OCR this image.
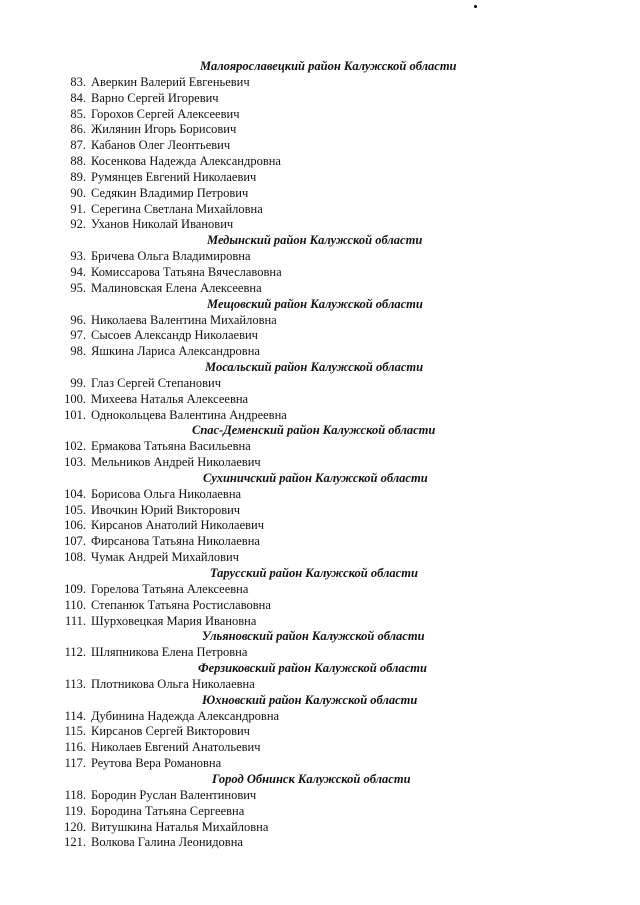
Малоярославецкий район Калужской области
83. Аверкин Валерий Евгеньевич
84. Варно Сергей Игоревич
85. Горохов Сергей Алексеевич
86. Жилянин Игорь Борисович
87. Кабанов Олег Леонтьевич
88. Косенкова Надежда Александровна
89. Румянцев Евгений Николаевич
90. Седякин Владимир Петрович
91. Серегина Светлана Михайловна
92. Уханов Николай Иванович
Медынский район Калужской области
93. Бричева Ольга Владимировна
94. Комиссарова Татьяна Вячеславовна
95. Малиновская Елена Алексеевна
Мещовский район Калужской области
96. Николаева Валентина Михайловна
97. Сысоев Александр Николаевич
98. Яшкина Лариса Александровна
Мосальский район Калужской области
99. Глаз Сергей Степанович
100. Михеева Наталья Алексеевна
101. Однокольцева Валентина Андреевна
Спас-Деменский район Калужской области
102. Ермакова Татьяна Васильевна
103. Мельников Андрей Николаевич
Сухиничский район Калужской области
104. Борисова Ольга Николаевна
105. Ивочкин Юрий Викторович
106. Кирсанов Анатолий Николаевич
107. Фирсанова Татьяна Николаевна
108. Чумак Андрей Михайлович
Тарусский район Калужской области
109. Горелова Татьяна Алексеевна
110. Степанюк Татьяна Ростиславовна
111. Шурховецкая Мария Ивановна
Ульяновский район Калужской области
112. Шляпникова Елена Петровна
Ферзиковский район Калужской области
113. Плотникова Ольга Николаевна
Юхновский район Калужской области
114. Дубинина Надежда Александровна
115. Кирсанов Сергей Викторович
116. Николаев Евгений Анатольевич
117. Реутова Вера Романовна
Город Обнинск Калужской области
118. Бородин Руслан Валентинович
119. Бородина Татьяна Сергеевна
120. Витушкина Наталья Михайловна
121. Волкова Галина Леонидовна
